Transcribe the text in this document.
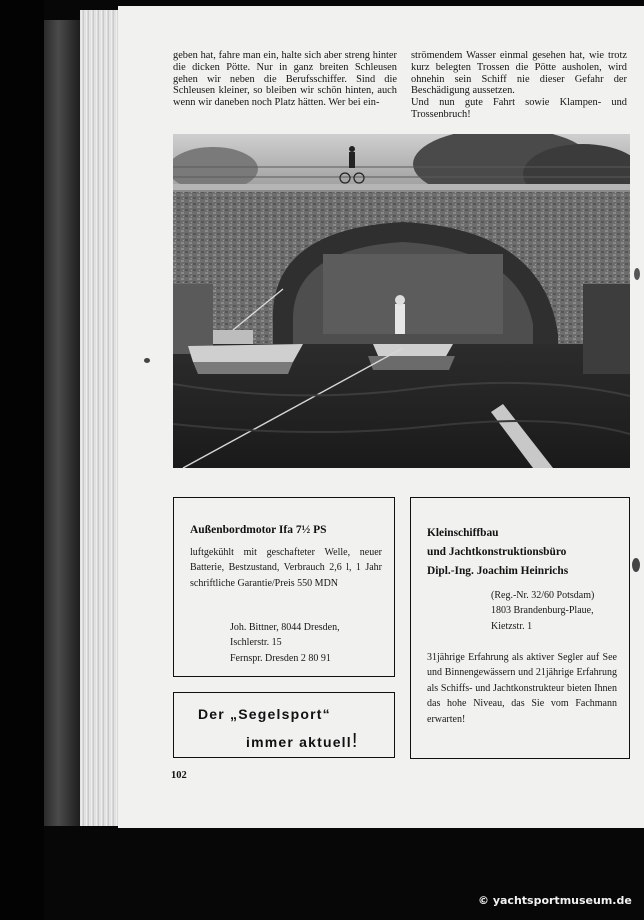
geben hat, fahre man ein, halte sich aber streng hinter die dicken Pötte. Nur in ganz breiten Schleusen gehen wir neben die Berufsschiffer. Sind die Schleusen kleiner, so bleiben wir schön hinten, auch wenn wir daneben noch Platz hätten. Wer bei ein-

strömendem Wasser einmal gesehen hat, wie trotz kurz belegten Trossen die Pötte ausholen, wird ohnehin sein Schiff nie dieser Gefahr der Beschädigung aussetzen.

Und nun gute Fahrt sowie Klampen- und Trossenbruch!

Außenbordmotor Ifa 7½ PS
luftgekühlt mit geschafteter Welle, neuer Batterie, Bestzustand, Verbrauch 2,6 l, 1 Jahr schriftliche Garantie/Preis 550 MDN

Joh. Bittner, 8044 Dresden,

Ischlerstr. 15

Fernspr. Dresden 2 80 91

Kleinschiffbau
und Jachtkonstruktionsbüro
Dipl.-Ing. Joachim Heinrichs

(Reg.-Nr. 32/60 Potsdam)

1803 Brandenburg-Plaue,

Kietzstr. 1

31jährige Erfahrung als aktiver Segler auf See und Binnengewässern und 21jährige Erfahrung als Schiffs- und Jachtkonstrukteur bieten Ihnen das hohe Niveau, das Sie vom Fachmann erwarten!
Der „Segelsport“
immer aktuell!
102
© yachtsportmuseum.de
